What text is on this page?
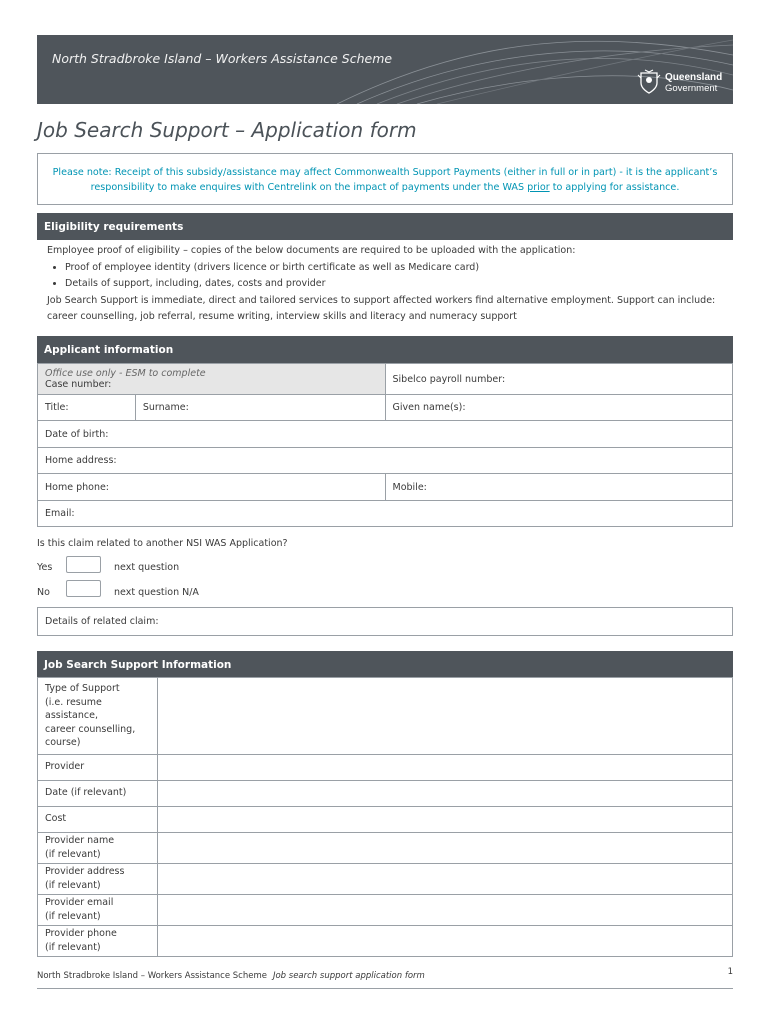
North Stradbroke Island – Workers Assistance Scheme
Queensland
Government
Job Search Support – Application form
Please note: Receipt of this subsidy/assistance may affect Commonwealth Support Payments (either in full or in part) - it is the applicant’s responsibility to make enquires with Centrelink on the impact of payments under the WAS prior to applying for assistance.
Eligibility requirements

Employee proof of eligibility – copies of the below documents are required to be uploaded with the application:

• Proof of employee identity (drivers licence or birth certificate as well as Medicare card)
• Details of support, including, dates, costs and provider

Job Search Support is immediate, direct and tailored services to support affected workers find alternative employment. Support can include: career counselling, job referral, resume writing, interview skills and literacy and numeracy support

Applicant information
Office use only - ESM to complete
Case number:		Sibelco payroll number:
Title:	Surname:	Given name(s):
Date of birth:		
Home address:		
Home phone:		Mobile:
Email:		
Is this claim related to another NSI WAS Application?
Yes	next question
No	next question N/A
Details of related claim:
Job Search Support Information
Type of Support
(i.e. resume assistance,
career counselling,
course)	

Provider	

Date (if relevant)	

Cost	

Provider name
(if relevant)	

Provider address
(if relevant)	

Provider email
(if relevant)	

Provider phone
(if relevant)	

North Stradbroke Island – Workers Assistance Scheme Job search support application form	1
